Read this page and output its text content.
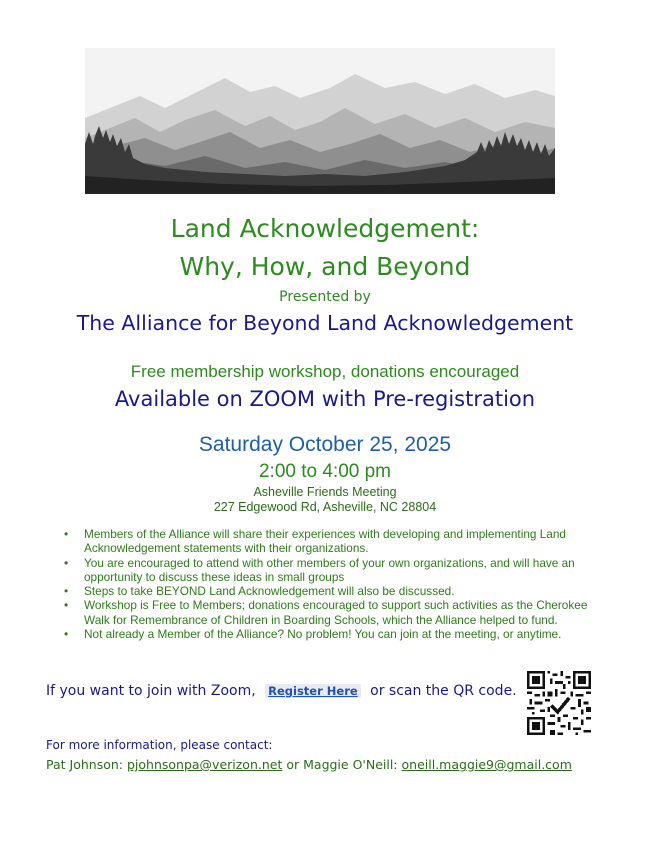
Land Acknowledgement:
Why, How, and Beyond
Presented by
The Alliance for Beyond Land Acknowledgement
Free membership workshop, donations encouraged
Available on ZOOM with Pre-registration
Saturday October 25, 2025
2:00 to 4:00 pm
Asheville Friends Meeting
227 Edgewood Rd, Asheville, NC 28804
• Members of the Alliance will share their experiences with developing and implementing Land Acknowledgement statements with their organizations.
• You are encouraged to attend with other members of your own organizations, and will have an opportunity to discuss these ideas in small groups
• Steps to take BEYOND Land Acknowledgement will also be discussed.
• Workshop is Free to Members; donations encouraged to support such activities as the Cherokee Walk for Remembrance of Children in Boarding Schools, which the Alliance helped to fund.
• Not already a Member of the Alliance? No problem! You can join at the meeting, or anytime.
If you want to join with Zoom, Register Here or scan the QR code.
For more information, please contact:
Pat Johnson: pjohnsonpa@verizon.net or Maggie O'Neill: oneill.maggie9@gmail.com
